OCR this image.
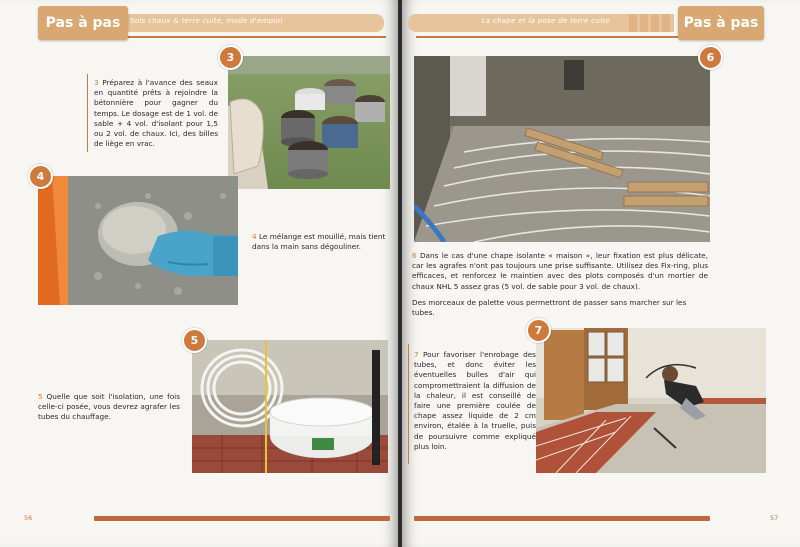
Sols chaux & terre cuite, mode d'emploi
Pas à pas
3 Préparez à l'avance des seaux en quantité prêts à rejoindre la bétonnière pour gagner du temps. Le dosage est de 1 vol. de sable + 4 vol. d'isolant pour 1,5 ou 2 vol. de chaux. Ici, des billes de liège en vrac.
3
4
4 Le mélange est mouillé, mais tient dans la main sans dégouliner.
5 Quelle que soit l'isolation, une fois celle-ci posée, vous devrez agrafer les tubes du chauffage.
5
56
La chape et la pose de terre cuite	Pas à pas
6
6 Dans le cas d'une chape isolante « maison », leur fixation est plus délicate, car les agrafes n'ont pas toujours une prise suffisante. Utilisez des Fix-ring, plus efficaces, et renforcez le maintien avec des plots composés d'un mortier de chaux NHL 5 assez gras (5 vol. de sable pour 3 vol. de chaux).
Des morceaux de palette vous permettront de passer sans marcher sur les tubes.
7 Pour favoriser l'enrobage des tubes, et donc éviter les éventuelles bulles d'air qui compromettraient la diffusion de la chaleur, il est conseillé de faire une première coulée de chape assez liquide de 2 cm environ, étalée à la truelle, puis de poursuivre comme expliqué plus loin.
7
57
